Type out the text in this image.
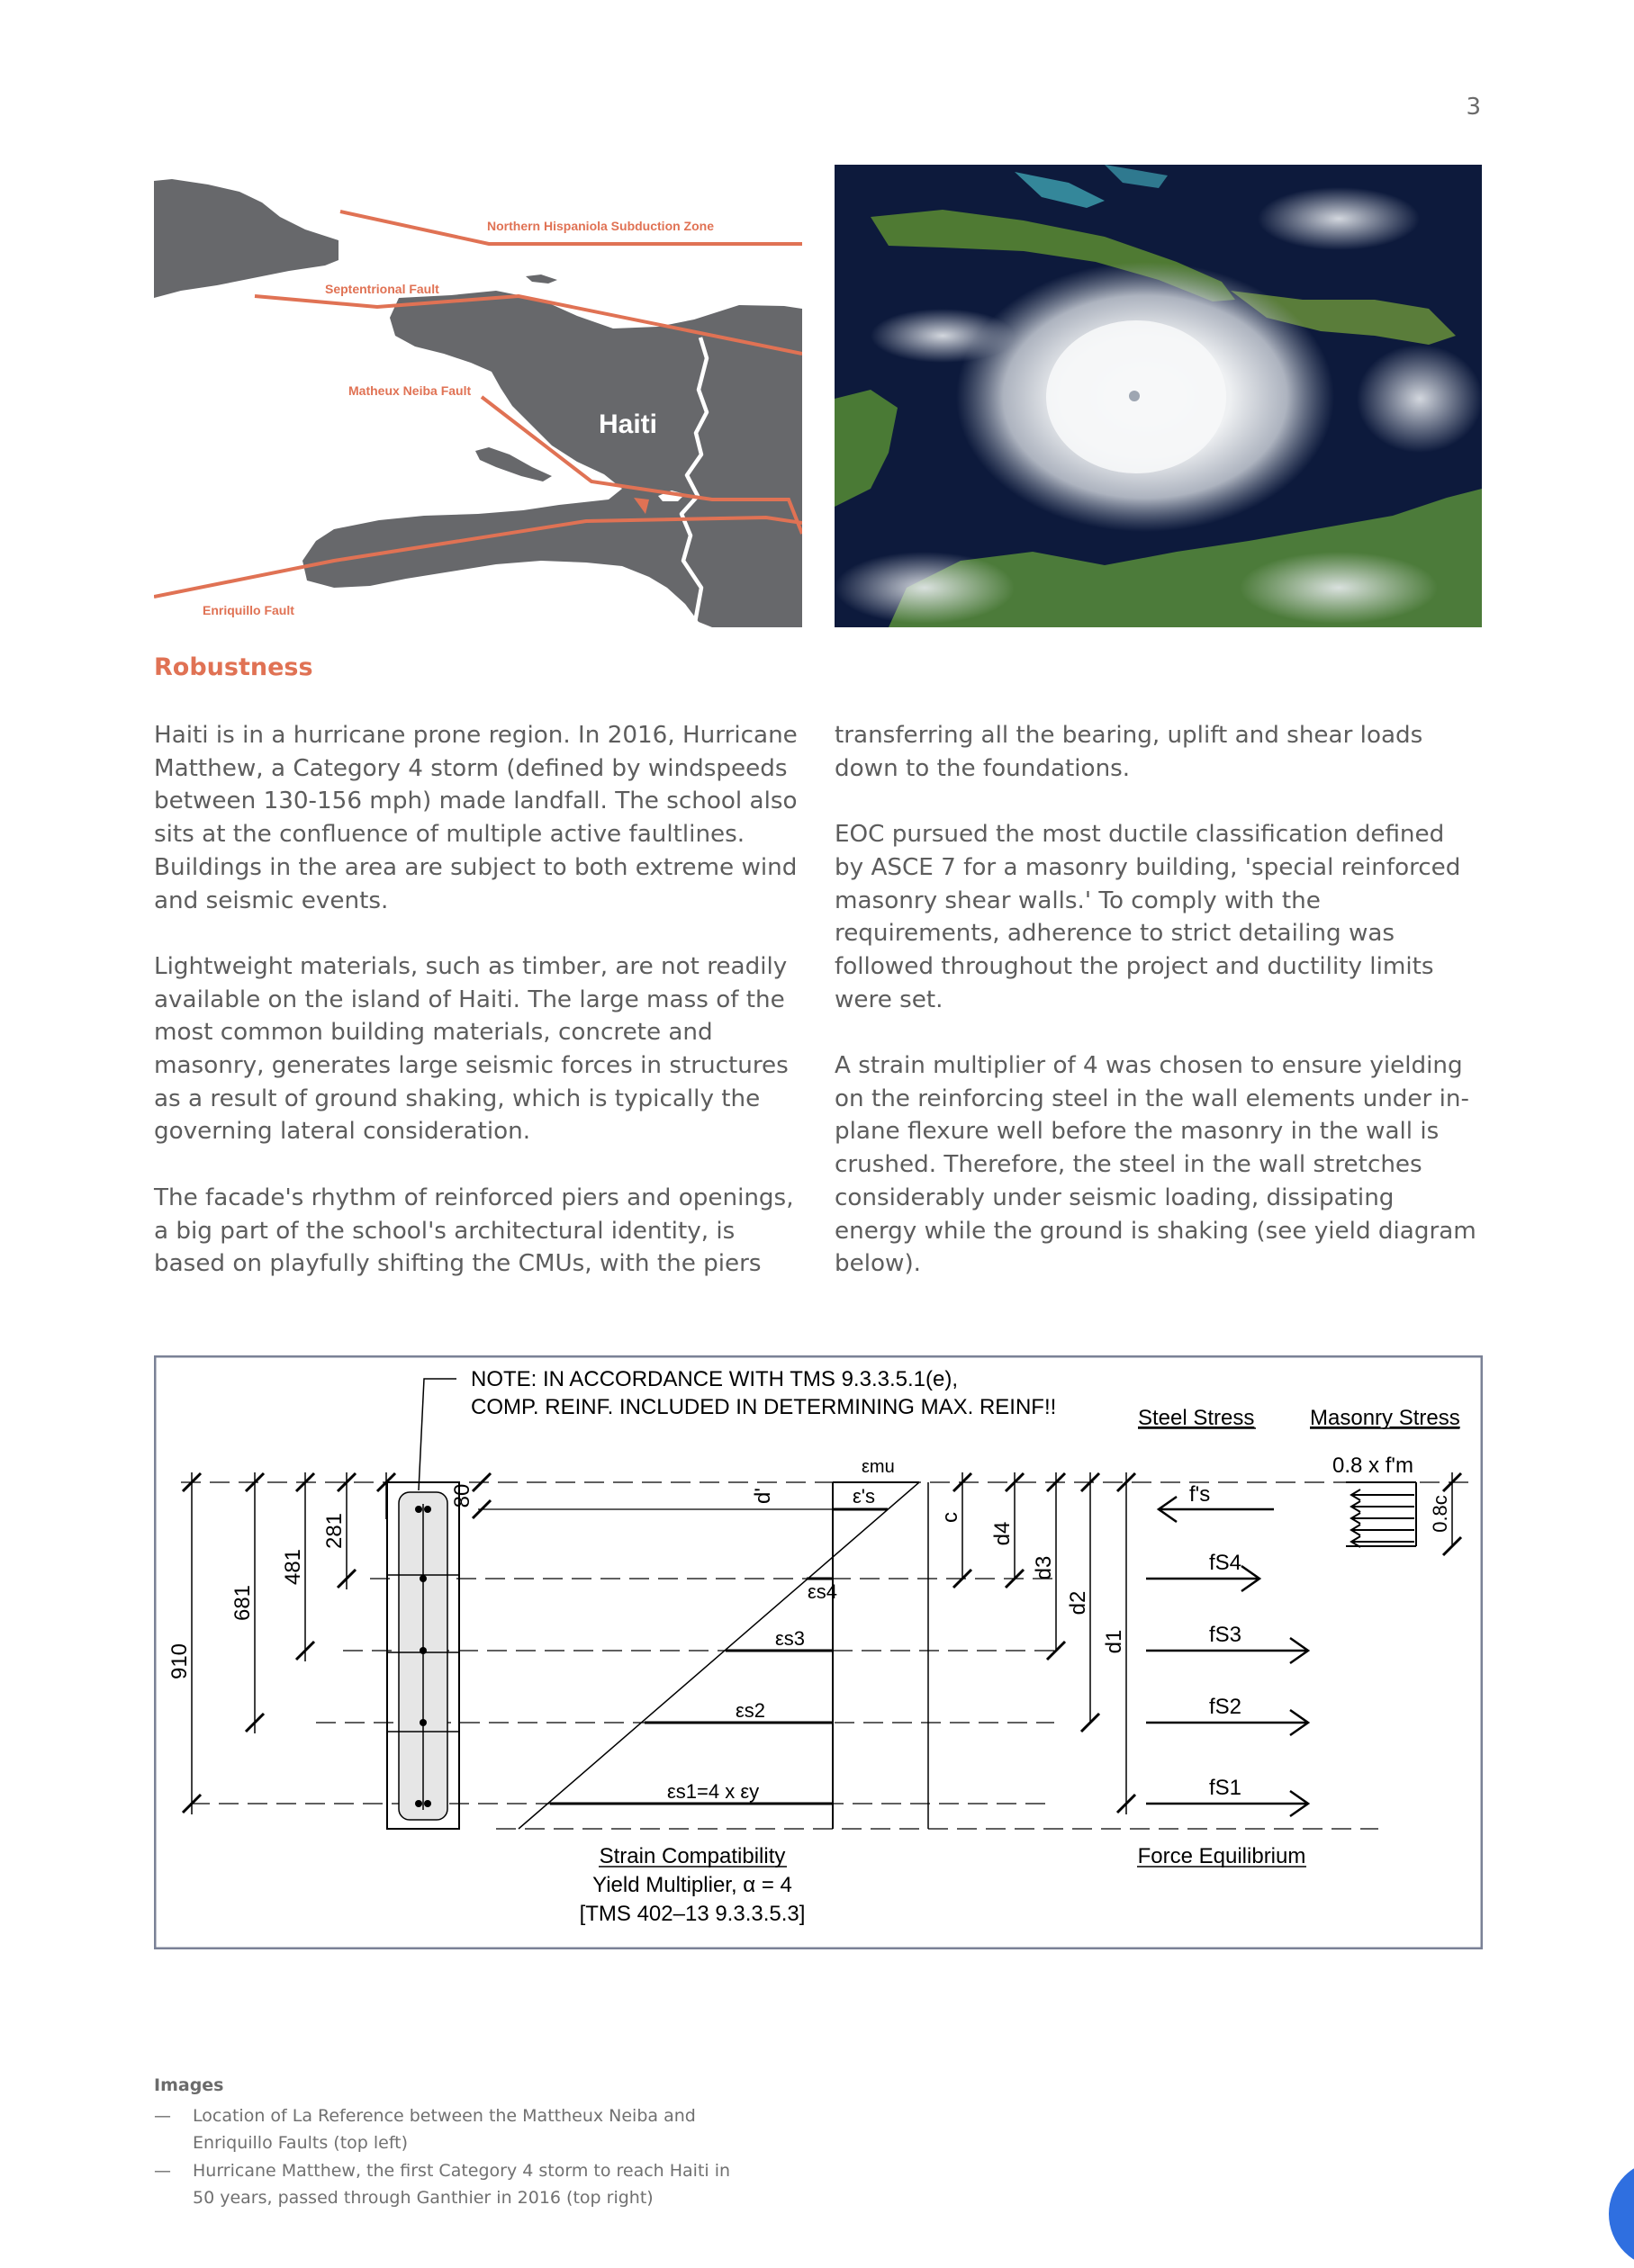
3
Northern Hispaniola Subduction Zone
Septentrional Fault
Matheux Neiba Fault
Enriquillo Fault
Haiti
Robustness

Haiti is in a hurricane prone region. In 2016, Hurricane Matthew, a Category 4 storm (defined by windspeeds between 130-156 mph) made landfall. The school also sits at the confluence of multiple active faultlines. Buildings in the area are subject to both extreme wind and seismic events.

Lightweight materials, such as timber, are not readily available on the island of Haiti. The large mass of the most common building materials, concrete and masonry, generates large seismic forces in structures as a result of ground shaking, which is typically the governing lateral consideration.

The facade's rhythm of reinforced piers and openings, a big part of the school's architectural identity, is based on playfully shifting the CMUs, with the piers

transferring all the bearing, uplift and shear loads down to the foundations.

EOC pursued the most ductile classification defined by ASCE 7 for a masonry building, 'special reinforced masonry shear walls.' To comply with the requirements, adherence to strict detailing was followed throughout the project and ductility limits were set.

A strain multiplier of 4 was chosen to ensure yielding on the reinforcing steel in the wall elements under in-plane flexure well before the masonry in the wall is crushed. Therefore, the steel in the wall stretches considerably under seismic loading, dissipating energy while the ground is shaking (see yield diagram below).

NOTE: IN ACCORDANCE WITH TMS 9.3.3.5.1(e),
COMP. REINF. INCLUDED IN DETERMINING MAX. REINF!!	Steel Stress	Masonry Stress
910
681
481
281
80	d'
c
d4
d3
d2
d1
0.8c
εmu
ε's
εs4
εs3
εs2
εs1=4 x εy
f's
fS4
fS3
fS2
fS1
0.8 x f'm
Strain Compatibility
Yield Multiplier, α = 4
[TMS 402–13 9.3.3.5.3]
Force Equilibrium
Images
— Location of La Reference between the Mattheux Neiba and
Enriquillo Faults (top left)
— Hurricane Matthew, the first Category 4 storm to reach Haiti in
50 years, passed through Ganthier in 2016 (top right)
